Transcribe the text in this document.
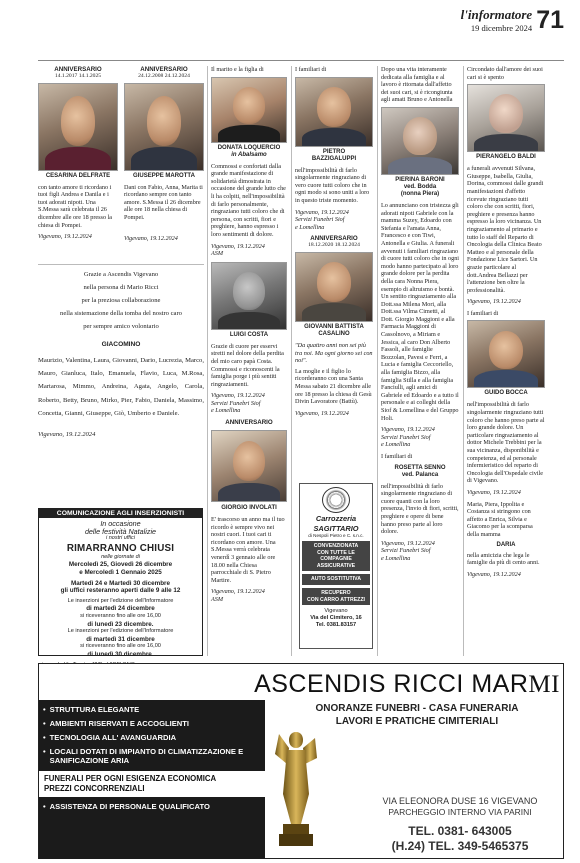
l'informatore
19 dicembre 2024 71
ANNIVERSARIO
14.1.2017 14.1.2025
CESARINA DELFRATE

con tanto amore ti ricordano i tuoi figli Andrea e Danila e i tuoi adorati nipoti. Una S.Messa sarà celebrata il 26 dicembre alle ore 18 presso la chiesa di Pompei.

Vigevano, 19.12.2024

ANNIVERSARIO
24.12.2008 24.12.2024
GIUSEPPE MAROTTA

Dani con Fabio, Anna, Marita ti ricordano sempre con tanto amore. S.Messa il 26 dicembre alle ore 18 nella chiesa di Pompei.

Vigevano, 19.12.2024

Grazie a Ascendis Vigevano
nella persona di Mario Ricci
per la preziosa collaborazione
nella sistemazione della tomba del nostro caro
per sempre amico volontario
GIACOMINO

Maurizio, Valentina, Laura, Giovanni, Dario, Lucrezia, Marco, Mauro, Gianluca, Italo, Emanuela, Flavio, Luca, M.Rosa, Martarosa, Mimmo, Andreina, Agata, Angelo, Carola, Roberto, Betty, Bruno, Mirko, Pier, Fabio, Daniela, Massimo, Concetta, Gianni, Giuseppe, Giò, Umberto e Daniele.

Vigevano, 19.12.2024

COMUNICAZIONE AGLI INSERZIONISTI
In occasione
delle festività Natalizie
i nostri uffici
RIMARRANNO CHIUSI
nelle giornate di
Mercoledì 25, Giovedì 26 dicembre
e Mercoledì 1 Gennaio 2025
Martedì 24 e Martedì 30 dicembre
gli uffici resteranno aperti dalle 9 alle 12
Le inserzioni per l'edizione dell'Informatore
di martedì 24 dicembre
si riceveranno fino alle ore 16,00
di lunedì 23 dicembre.
Le inserzioni per l'edizione dell'Informatore
di martedì 31 dicembre
si riceveranno fino alle ore 16,00
di lunedì 30 dicembre.

Il marito e la figlia di

DONATA LOQUERCIO
in Abalsamo

Commossi e confortati dalla grande manifestazione di solidarietà dimostrata in occasione del grande lutto che li ha colpiti, nell'impossibilità di farlo personalmente, ringraziano tutti coloro che di persona, con scritti, fiori e preghiere, hanno espresso i loro sentimenti di dolore.

Vigevano, 19.12.2024

ASM

LUIGI COSTA

Grazie di cuore per esservi stretti nel dolore della perdita del mio caro papà Costa. Commossi e riconoscenti la famiglia porge i più sentiti ringraziamenti.

Vigevano, 19.12.2024

Servizi Funebri Siof

e Lomellina

ANNIVERSARIO
GIORGIO INVOLATI

E' trascorso un anno ma il tuo ricordo è sempre vivo nei nostri cuori. I tuoi cari ti ricordano con amore. Una S.Messa verrà celebrata venerdì 3 gennaio alle ore 18.00 nella Chiesa parrocchiale di S. Pietro Martire.

Vigevano, 19.12.2024

ASM

I familiari di

PIETRO
BAZZIGALUPPI

nell'impossibilità di farlo singolarmente ringraziano di vero cuore tutti coloro che in ogni modo si sono uniti a loro in questo triste momento.

Vigevano, 19.12.2024

Servizi Funebri Siof

e Lomellina

ANNIVERSARIO
18.12.2020 18.12.2024
GIOVANNI BATTISTA
CASALINO

"Da quattro anni non sei più tra noi. Ma ogni giorno sei con noi".

La moglie e il figlio lo ricorderanno con una Santa Messa sabato 21 dicembre alle ore 18 presso la chiesa di Gesù Divin Lavoratore (Battù).

Vigevano, 19.12.2024

Carrozzeria
SAGITTARIO
di Nespoli Pietro e C. s.n.c.
CONVENZIONATA
CON TUTTE LE COMPAGNIE
ASSICURATIVE
AUTO SOSTITUTIVA
RECUPERO
CON CARRO ATTREZZI
Vigevano
Via del Cimitero, 16
Tel. 0381.83157

Dopo una vita interamente dedicata alla famiglia e al lavoro è ritornata dall'affetto dei suoi cari, si è ricongiunta agli amati Bruno e Antonella

PIERINA BARONI
ved. Bodda
(nonna Piera)

Lo annunciano con tristezza gli adorati nipoti Gabriele con la mamma Suzey, Edoardo con Stefania e l'amata Anna, Francesco e con Tiwi, Antonella e Giulia. A funerali avvenuti i familiari ringraziano di cuore tutti coloro che in ogni modo hanno partecipato al loro grande dolore per la perdita della cara Nonna Piera, esempio di altruismo e bontà. Un sentito ringraziamento alla Dott.ssa Milena Mori, alla Dott.ssa Vilma Cimetti, al Dott. Giorgio Maggioni e alla Farmacia Maggioni di Cassolnovo, a Miriam e Jessica, al caro Don Alberto Fassoli, alle famiglie Bozzolan, Pavesi e Ferri, a Lucia e famiglia Ceccoriello, alla famiglia Bizzo, alla famiglia Stilla e alla famiglia Fanciulli, agli amici di Gabriele ed Edoardo e a tutto il personale e ai colleghi della Siof & Lomellina e del Gruppo Holi.

Vigevano, 19.12.2024

Servizi Funebri Siof

e Lomellina

I familiari di

ROSETTA SENNO
ved. Palanca

nell'impossibilità di farlo singolarmente ringraziano di cuore quanti con la loro presenza, l'invio di fiori, scritti, preghiere e opere di bene hanno preso parte al loro dolore.

Vigevano, 19.12.2024

Servizi Funebri Siof

e Lomellina

Circondato dall'amore dei suoi cari si è spento

PIERANGELO BALDI

a funerali avvenuti Silvana, Giuseppe, Isabella, Giulia, Dorina, commossi dalle grandi manifestazioni d'affetto ricevute ringraziano tutti coloro che con scritti, fiori, preghiere e presenza hanno espresso la loro vicinanza. Un ringraziamento al primario e tutto lo staff del Reparto di Oncologia della Clinica Beato Matteo e al personale della Fondazione Lice Sartori. Un grazie particolare al dott.Andrea Bellazzi per l'attenzione ben oltre la professionalità.

Vigevano, 19.12.2024

I familiari di

GUIDO BOCCA

nell'impossibilità di farlo singolarmente ringraziano tutti coloro che hanno preso parte al loro grande dolore. Un particolare ringraziamento al dottor Michele Trebbini per la sua vicinanza, disponibilità e competenza, ed al personale infermieristico del reparto di Oncologia dell'Ospedale civile di Vigevano.

Vigevano, 19.12.2024

Maria, Piera, Ippolita e Costanza si stringono con affetto a Enrica, Silvia e Giacomo per la scomparsa della mamma

DARIA

nella amicizia che lega le famiglie da più di cento anni.

Vigevano, 19.12.2024

ASCENDIS RICCI MARMI
ONORANZE FUNEBRI - CASA FUNERARIA
LAVORI E PRATICHE CIMITERIALI
• STRUTTURA ELEGANTE
• AMBIENTI RISERVATI E ACCOGLIENTI
• TECNOLOGIA ALL' AVANGUARDIA
• LOCALI DOTATI DI IMPIANTO DI CLIMATIZZAZIONE E SANIFICAZIONE ARIA
FUNERALI PER OGNI ESIGENZA ECONOMICA
PREZZI CONCORRENZIALI
• ASSISTENZA DI PERSONALE QUALIFICATO
VIA ELEONORA DUSE 16 VIGEVANO
PARCHEGGIO INTERNO VIA PARINI
TEL. 0381- 643005
(H.24) TEL. 349-5465375
